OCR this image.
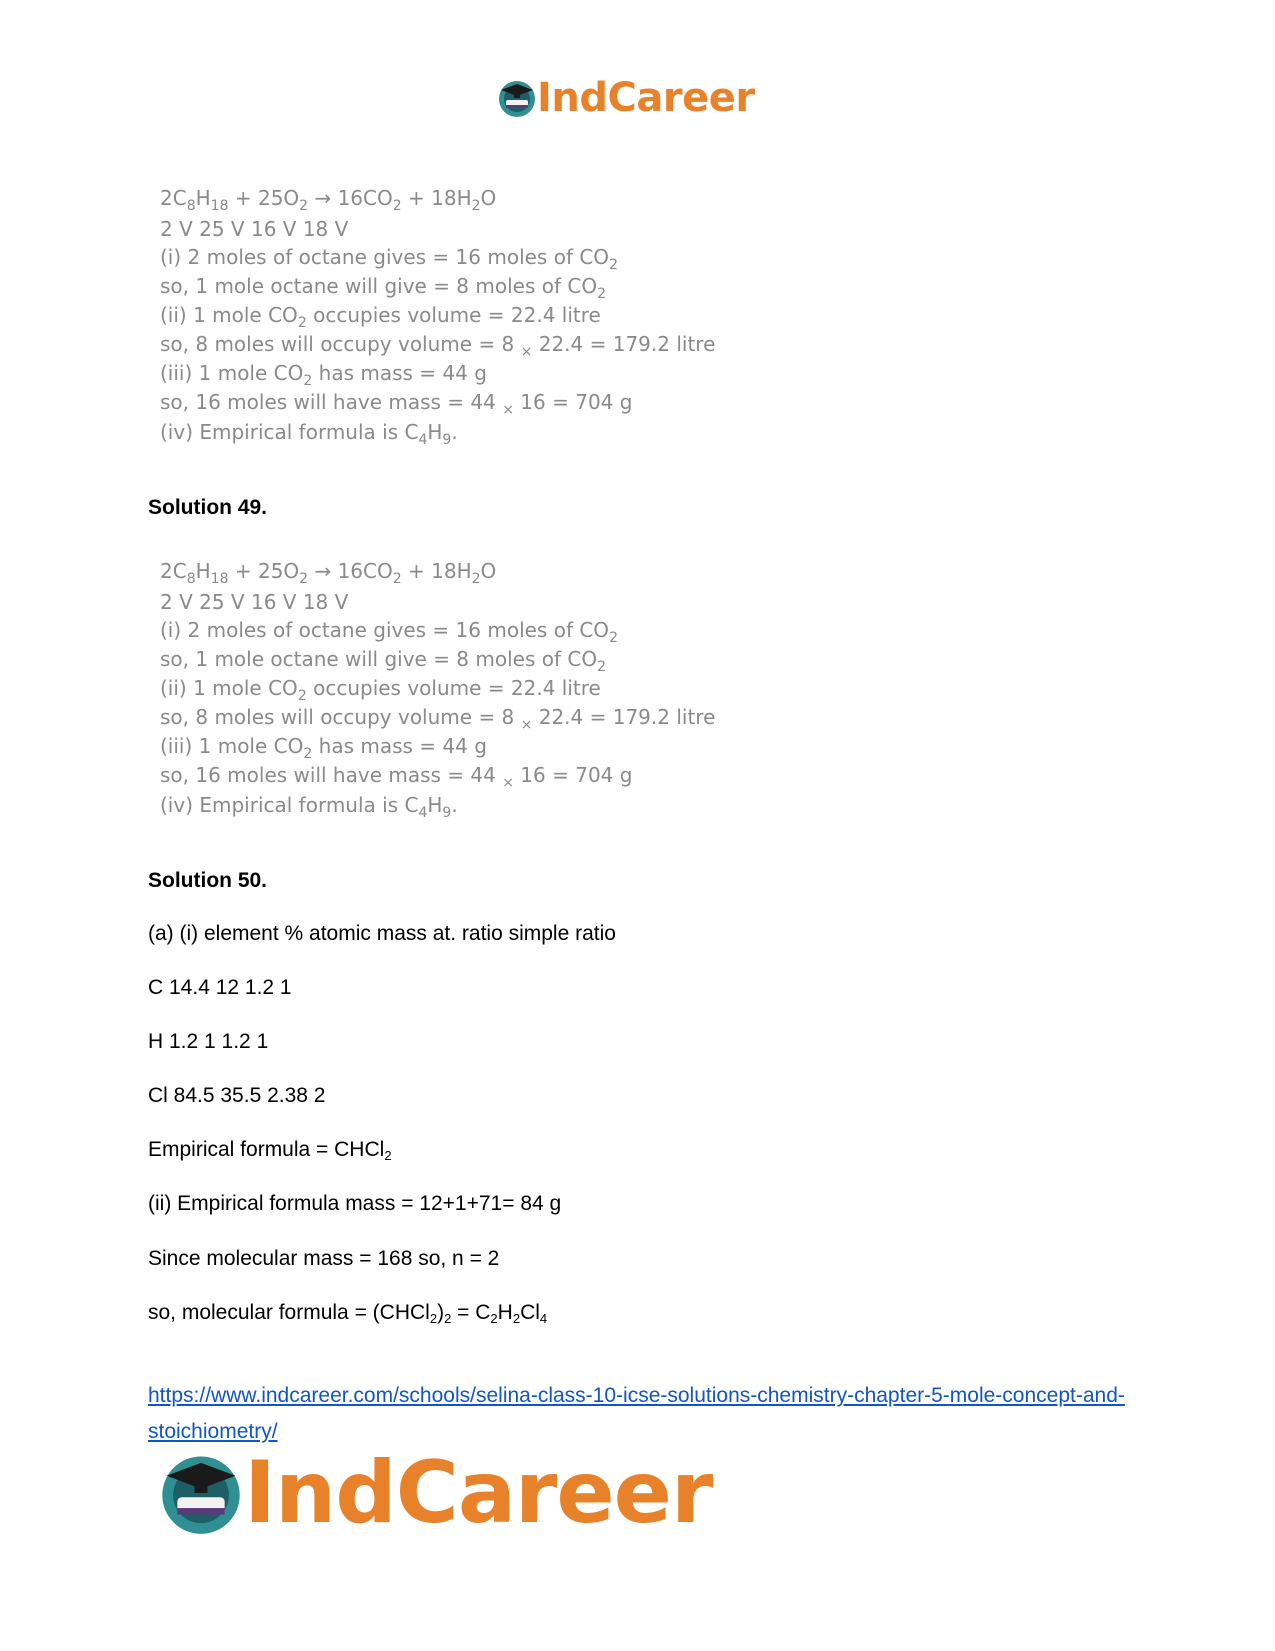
IndCareer
$2C_8H_{18} + 25O_2 \to 16CO_2 + 18H_2O$
2 V 25 V 16 V 18 V
(i) 2 moles of octane gives = 16 moles of $CO_2$
so, 1 mole octane will give = 8 moles of $CO_2$
(ii) 1 mole $CO_2$ occupies volume = 22.4 litre
so, 8 moles will occupy volume = 8 $_\times$ 22.4 = 179.2 litre
(iii) 1 mole $CO_2$ has mass = 44 g
so, 16 moles will have mass = 44 $_\times$ 16 = 704 g
(iv) Empirical formula is $C_4H_9$.
Solution 49.
$2C_8H_{18} + 25O_2 \to 16CO_2 + 18H_2O$
2 V 25 V 16 V 18 V
(i) 2 moles of octane gives = 16 moles of $CO_2$
so, 1 mole octane will give = 8 moles of $CO_2$
(ii) 1 mole $CO_2$ occupies volume = 22.4 litre
so, 8 moles will occupy volume = 8 $_\times$ 22.4 = 179.2 litre
(iii) 1 mole $CO_2$ has mass = 44 g
so, 16 moles will have mass = 44 $_\times$ 16 = 704 g
(iv) Empirical formula is $C_4H_9$.
Solution 50.
(a) (i) element % atomic mass at. ratio simple ratio
C 14.4 12 1.2 1
H 1.2 1 1.2 1
Cl 84.5 35.5 2.38 2
Empirical formula = CHCl$_2$
(ii) Empirical formula mass = 12+1+71= 84 g
Since molecular mass = 168 so, n = 2
so, molecular formula = $(CHCl_2)_2 = C_2H_2Cl_4$
https://www.indcareer.com/schools/selina-class-10-icse-solutions-chemistry-chapter-5-mole-concept-and-stoichiometry/
IndCareer
